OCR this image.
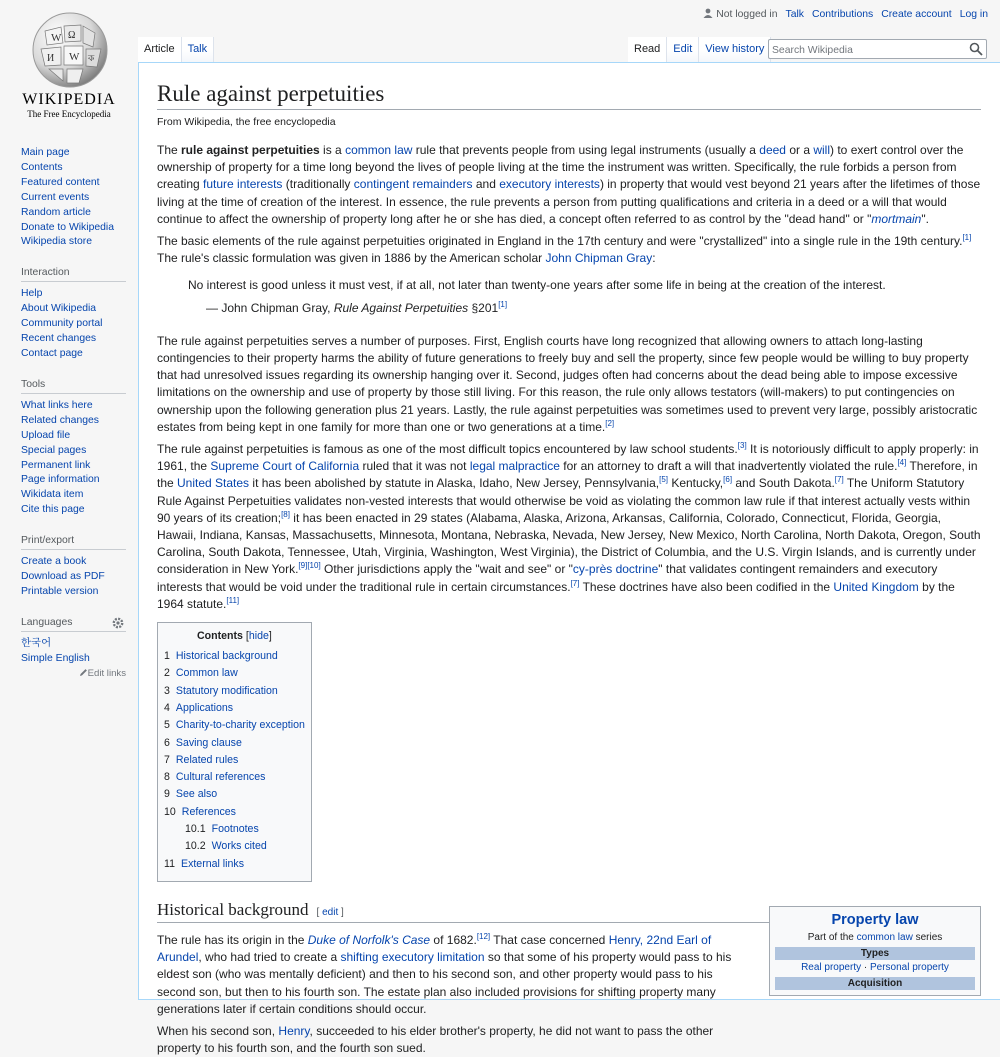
W Ω
И W ক
WIKIPEDIA
The Free Encyclopedia
Not logged in Talk Contributions Create account Log in
Article	Talk	Read	Edit	View history
Search Wikipedia
Main page
Contents
Featured content
Current events
Random article
Donate to Wikipedia
Wikipedia store
Interaction
Help
About Wikipedia
Community portal
Recent changes
Contact page
Tools
What links here
Related changes
Upload file
Special pages
Permanent link
Page information
Wikidata item
Cite this page
Print/export
Create a book
Download as PDF
Printable version
Languages
한국어
Simple English
Edit links
Rule against perpetuities
From Wikipedia, the free encyclopedia

The rule against perpetuities is a common law rule that prevents people from using legal instruments (usually a deed or a will) to exert control over the ownership of property for a time long beyond the lives of people living at the time the instrument was written. Specifically, the rule forbids a person from creating future interests (traditionally contingent remainders and executory interests) in property that would vest beyond 21 years after the lifetimes of those living at the time of creation of the interest. In essence, the rule prevents a person from putting qualifications and criteria in a deed or a will that would continue to affect the ownership of property long after he or she has died, a concept often referred to as control by the "dead hand" or "mortmain".

The basic elements of the rule against perpetuities originated in England in the 17th century and were "crystallized" into a single rule in the 19th century.[1] The rule's classic formulation was given in 1886 by the American scholar John Chipman Gray:

No interest is good unless it must vest, if at all, not later than twenty-one years after some life in being at the creation of the interest.
— John Chipman Gray, Rule Against Perpetuities §201[1]

The rule against perpetuities serves a number of purposes. First, English courts have long recognized that allowing owners to attach long-lasting contingencies to their property harms the ability of future generations to freely buy and sell the property, since few people would be willing to buy property that had unresolved issues regarding its ownership hanging over it. Second, judges often had concerns about the dead being able to impose excessive limitations on the ownership and use of property by those still living. For this reason, the rule only allows testators (will-makers) to put contingencies on ownership upon the following generation plus 21 years. Lastly, the rule against perpetuities was sometimes used to prevent very large, possibly aristocratic estates from being kept in one family for more than one or two generations at a time.[2]

The rule against perpetuities is famous as one of the most difficult topics encountered by law school students.[3] It is notoriously difficult to apply properly: in 1961, the Supreme Court of California ruled that it was not legal malpractice for an attorney to draft a will that inadvertently violated the rule.[4] Therefore, in the United States it has been abolished by statute in Alaska, Idaho, New Jersey, Pennsylvania,[5] Kentucky,[6] and South Dakota.[7] The Uniform Statutory Rule Against Perpetuities validates non-vested interests that would otherwise be void as violating the common law rule if that interest actually vests within 90 years of its creation;[8] it has been enacted in 29 states (Alabama, Alaska, Arizona, Arkansas, California, Colorado, Connecticut, Florida, Georgia, Hawaii, Indiana, Kansas, Massachusetts, Minnesota, Montana, Nebraska, Nevada, New Jersey, New Mexico, North Carolina, North Dakota, Oregon, South Carolina, South Dakota, Tennessee, Utah, Virginia, Washington, West Virginia), the District of Columbia, and the U.S. Virgin Islands, and is currently under consideration in New York.[9][10] Other jurisdictions apply the "wait and see" or "cy-près doctrine" that validates contingent remainders and executory interests that would be void under the traditional rule in certain circumstances.[7] These doctrines have also been codified in the United Kingdom by the 1964 statute.[11]

Contents [hide]
1 Historical background
2 Common law
3 Statutory modification
4 Applications
5 Charity-to-charity exception
6 Saving clause
7 Related rules
8 Cultural references
9 See also
10 References
10.1 Footnotes
10.2 Works cited
11 External links
Historical background [ edit ]

The rule has its origin in the Duke of Norfolk's Case of 1682.[12] That case concerned Henry, 22nd Earl of Arundel, who had tried to create a shifting executory limitation so that some of his property would pass to his eldest son (who was mentally deficient) and then to his second son, and other property would pass to his second son, but then to his fourth son. The estate plan also included provisions for shifting property many generations later if certain conditions should occur.

When his second son, Henry, succeeded to his elder brother's property, he did not want to pass the other property to his fourth son, and the fourth son sued.

Property law
Part of the common law series
Types
Real property · Personal property
Acquisition
